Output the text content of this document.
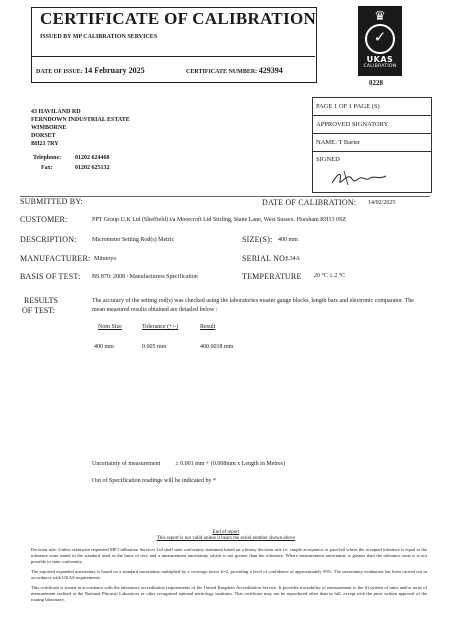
CERTIFICATE OF CALIBRATION
ISSUED BY MP CALIBRATION SERVICES
DATE OF ISSUE: 14 February 2025	CERTIFICATE NUMBER: 429394
♛
✓
UKAS
CALIBRATION
0228
43 HAVILAND RD
FERNDOWN INDUSTRIAL ESTATE
WIMBORNE
DORSET
BH21 7RY
Telephone: 01202 624468
Fax:	01202 625132
PAGE 1 OF 1 PAGE (S)
APPROVED SIGNATORY
NAME: T Barter
SIGNED
SUBMITTED BY:	DATE OF CALIBRATION: 14/02/2025
CUSTOMER:	PPT Group U.K Ltd (Sheffield) t/a Moorcroft Ltd Stirling, Stane Lane, West Sussex. Horsham RH13 0SZ
DESCRIPTION:	Micrometer Setting Rod(s) Metric	SIZE(S): 400 mm
MANUFACTURER: Mitutoyo	SERIAL NO:
L34A
BASIS OF TEST: BS 870: 2008 / Manufacturers Specification	TEMPERATURE 20 °C ± 2 °C
RESULTS
OF TEST:
The accuracy of the setting rod(s) was checked using the laboratories master gauge blocks, length bars and electronic comparator. The mean measured results obtained are detailed below :
Nom Size	Tolerance (+/-)	Result
400 mm	0.005 mm	400.0018 mm
Uncertainty of measurement	± 0.001 mm + (0.008mm x Length in Metres)
Out of Specification readings will be indicated by *
End of report
This report is not valid unless it bears the serial number shown above

Decision rule: Unless otherwise requested MP Calibration Services Ltd shall state conformity statement based on a binary decision rule i.e. simple acceptance or pass/fail where the accepted tolerance is equal to the tolerance zone stated in the standard used as the basis of test, and a measurement uncertainty which is not greater than the tolerance. Where measurement uncertainty is greater than the tolerance zone it is not possible to state conformity.

The reported expanded uncertainty is based on a standard uncertainty multiplied by a coverage factor k=2, providing a level of confidence of approximately 95%. The uncertainty evaluation has been carried out in accordance with UKAS requirements.

This certificate is issued in accordance with the laboratory accreditation requirements of the United Kingdom Accreditation Service. It provides traceability of measurement to the SI system of units and/or units of measurement realised at the National Physical Laboratory or other recognised national metrology institutes. This certificate may not be reproduced other than in full, except with the prior written approval of the issuing laboratory.
